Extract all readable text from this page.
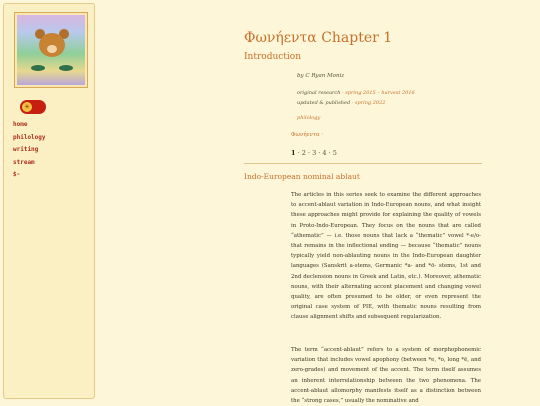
☀
home
philology
writing
stream
$-
Φωνήεντα Chapter 1
Introduction
by C Ryan Moniz
original research · spring 2015 – harvest 2016
updated & published · spring 2022
philology
Φωνήεντα ·
1 · 2 · 3 · 4 · 5
Indo-European nominal ablaut

The articles in this series seek to examine the different approaches to accent-ablaut variation in Indo-European nouns, and what insight these approaches might provide for explaining the quality of vowels in Proto-Indo-European. They focus on the nouns that are called “athematic” — i.e. those nouns that lack a “thematic” vowel *-e/o- that remains in the inflectional ending — because “thematic” nouns typically yield non-ablauting nouns in the Indo-European daughter languages (Sanskrit a-stems, Germanic *a- and *ō- stems, 1st and 2nd declension nouns in Greek and Latin, etc.). Moreover, athematic nouns, with their alternating accent placement and changing vowel quality, are often presumed to be older, or even represent the original case system of PIE, with thematic nouns resulting from clause alignment shifts and subsequent regularization.

The term “accent-ablaut” refers to a system of morphophonemic variation that includes vowel apophony (between *e, *o, long *ē, and zero-grades) and movement of the accent. The term itself assumes an inherent interrelationship between the two phenomena. The accent-ablaut allomorphy manifests itself as a distinction between the “strong cases,” usually the nominative and
